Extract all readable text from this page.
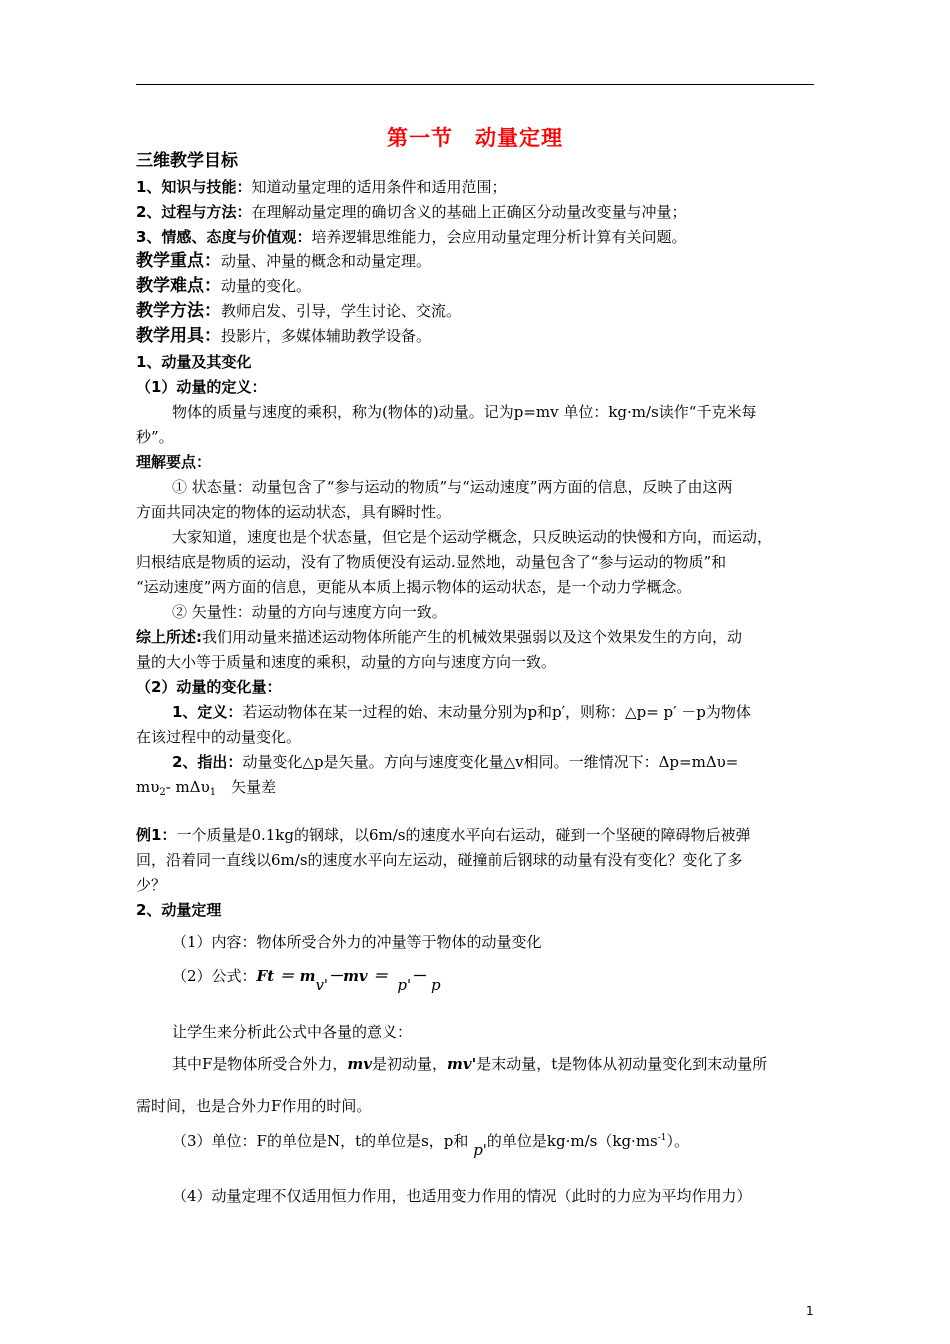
第一节　动量定理
三维教学目标
1、知识与技能：知道动量定理的适用条件和适用范围；
2、过程与方法：在理解动量定理的确切含义的基础上正确区分动量改变量与冲量；
3、情感、态度与价值观：培养逻辑思维能力，会应用动量定理分析计算有关问题。
教学重点：动量、冲量的概念和动量定理。
教学难点：动量的变化。
教学方法：教师启发、引导，学生讨论、交流。
教学用具：投影片，多媒体辅助教学设备。
1、动量及其变化
（1）动量的定义：
物体的质量与速度的乘积，称为(物体的)动量。记为p=mv 单位：kg·m/s读作“千克米每
秒”。
理解要点：
① 状态量：动量包含了“参与运动的物质”与“运动速度”两方面的信息，反映了由这两
方面共同决定的物体的运动状态，具有瞬时性。
大家知道，速度也是个状态量，但它是个运动学概念，只反映运动的快慢和方向，而运动，
归根结底是物质的运动，没有了物质便没有运动.显然地，动量包含了“参与运动的物质”和
“运动速度”两方面的信息，更能从本质上揭示物体的运动状态，是一个动力学概念。
② 矢量性：动量的方向与速度方向一致。
综上所述:我们用动量来描述运动物体所能产生的机械效果强弱以及这个效果发生的方向，动
量的大小等于质量和速度的乘积，动量的方向与速度方向一致。
（2）动量的变化量：
1、定义：若运动物体在某一过程的始、末动量分别为p和p′，则称：△p= p′ －p为物体
在该过程中的动量变化。
2、指出：动量变化△p是矢量。方向与速度变化量△v相同。一维情况下：Δp=mΔυ=
$m\upsilon_2-$ mΔυ$_1$　矢量差
例1：一个质量是0.1kg的钢球，以6m/s的速度水平向右运动，碰到一个坚硬的障碍物后被弹
回，沿着同一直线以6m/s的速度水平向左运动，碰撞前后钢球的动量有没有变化？变化了多
少？
2、动量定理
（1）内容：物体所受合外力的冲量等于物体的动量变化
（2）公式：Ft ＝ mv'－mv ＝ p'－ p
让学生来分析此公式中各量的意义：
其中F是物体所受合外力，mv是初动量，mv'是末动量，t是物体从初动量变化到末动量所
需时间，也是合外力F作用的时间。
（3）单位：F的单位是N，t的单位是s，p和 p'的单位是$kg\cdot m/s(kg\cdot ms^{-1})$。
（4）动量定理不仅适用恒力作用，也适用变力作用的情况（此时的力应为平均作用力）
1
